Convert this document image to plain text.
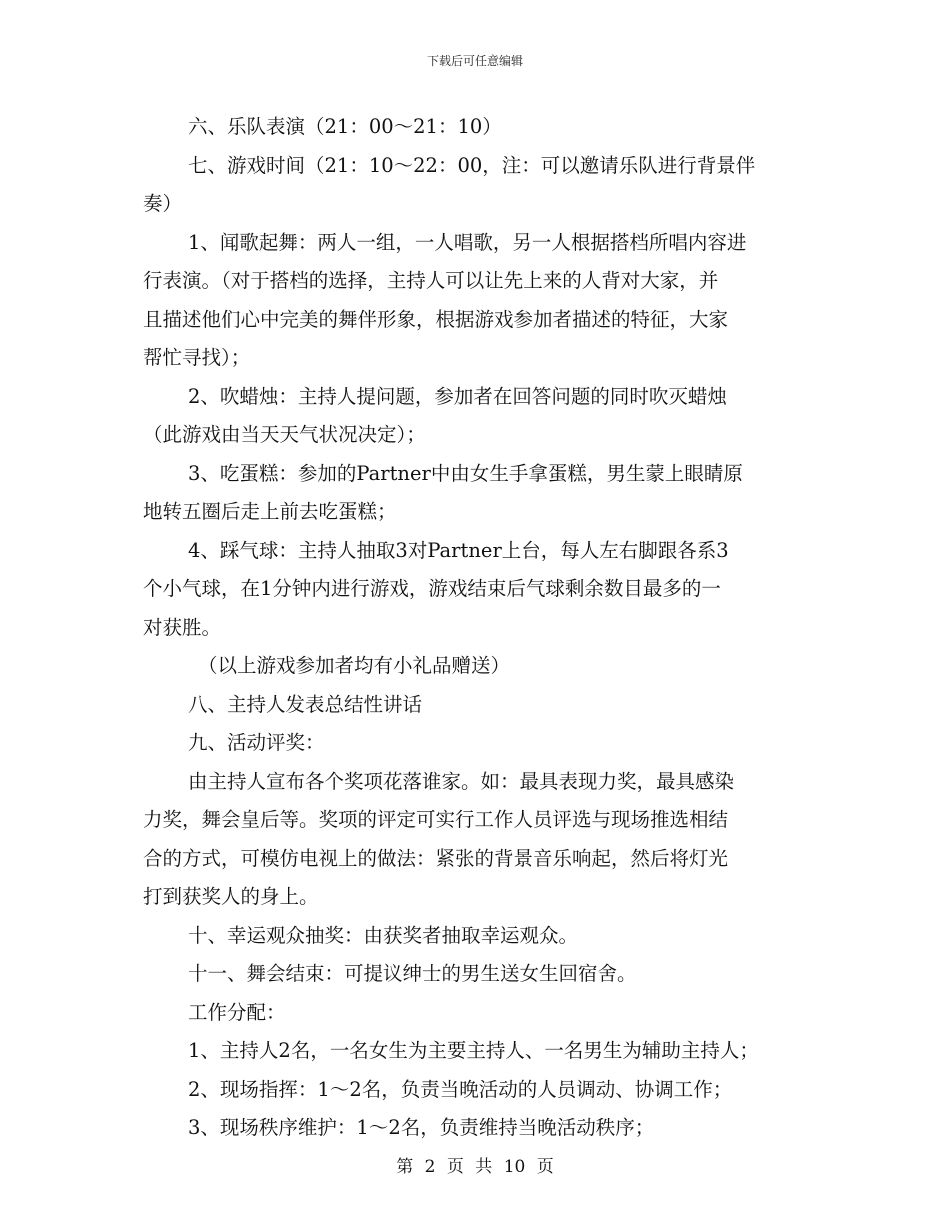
下载后可任意编辑

六、乐队表演（21：00～21：10）

七、游戏时间（21：10～22：00，注：可以邀请乐队进行背景伴

奏）

1、闻歌起舞：两人一组，一人唱歌，另一人根据搭档所唱内容进

行表演。（对于搭档的选择，主持人可以让先上来的人背对大家，并

且描述他们心中完美的舞伴形象，根据游戏参加者描述的特征，大家

帮忙寻找）；

2、吹蜡烛：主持人提问题，参加者在回答问题的同时吹灭蜡烛

（此游戏由当天天气状况决定）；

3、吃蛋糕：参加的Partner中由女生手拿蛋糕，男生蒙上眼睛原

地转五圈后走上前去吃蛋糕；

4、踩气球：主持人抽取3对Partner上台，每人左右脚跟各系3

个小气球，在1分钟内进行游戏，游戏结束后气球剩余数目最多的一

对获胜。

（以上游戏参加者均有小礼品赠送）

八、主持人发表总结性讲话

九、活动评奖：

由主持人宣布各个奖项花落谁家。如：最具表现力奖，最具感染

力奖，舞会皇后等。奖项的评定可实行工作人员评选与现场推选相结

合的方式，可模仿电视上的做法：紧张的背景音乐响起，然后将灯光

打到获奖人的身上。

十、幸运观众抽奖：由获奖者抽取幸运观众。

十一、舞会结束：可提议绅士的男生送女生回宿舍。

工作分配：

1、主持人2名，一名女生为主要主持人、一名男生为辅助主持人；

2、现场指挥：1～2名，负责当晚活动的人员调动、协调工作；

3、现场秩序维护：1～2名，负责维持当晚活动秩序；

第 2 页 共 10 页
